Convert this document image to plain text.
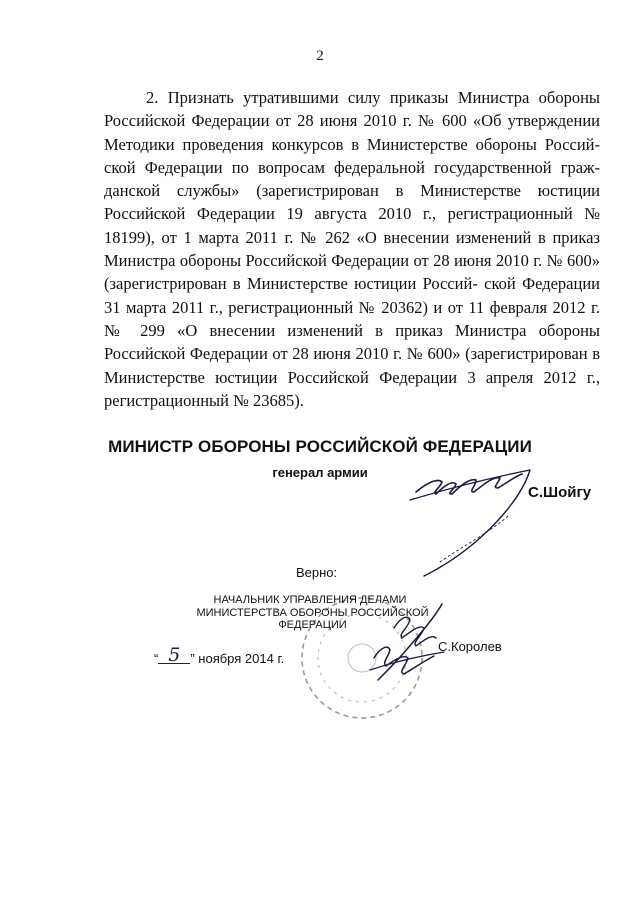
2
2. Признать утратившими силу приказы Министра обороны Российской Федерации от 28 июня 2010 г. № 600 «Об утверждении Методики проведения конкурсов в Министерстве обороны Россий- ской Федерации по вопросам федеральной государственной граж- данской службы» (зарегистрирован в Министерстве юстиции Российской Федерации 19 августа 2010 г., регистрационный № 18199), от 1 марта 2011 г. № 262 «О внесении изменений в приказ Министра обороны Российской Федерации от 28 июня 2010 г. № 600» (зарегистрирован в Министерстве юстиции Россий- ской Федерации 31 марта 2011 г., регистрационный № 20362) и от 11 февраля 2012 г. № 299 «О внесении изменений в приказ Министра обороны Российской Федерации от 28 июня 2010 г. № 600» (зарегистрирован в Министерстве юстиции Российской Федерации 3 апреля 2012 г., регистрационный № 23685).
МИНИСТР ОБОРОНЫ РОССИЙСКОЙ ФЕДЕРАЦИИ
генерал армии
С.Шойгу
Верно:
НАЧАЛЬНИК УПРАВЛЕНИЯ ДЕЛАМИ
МИНИСТЕРСТВА ОБОРОНЫ РОССИЙСКОЙ ФЕДЕРАЦИИ
С.Королев
“ 5 ” ноября 2014 г.
